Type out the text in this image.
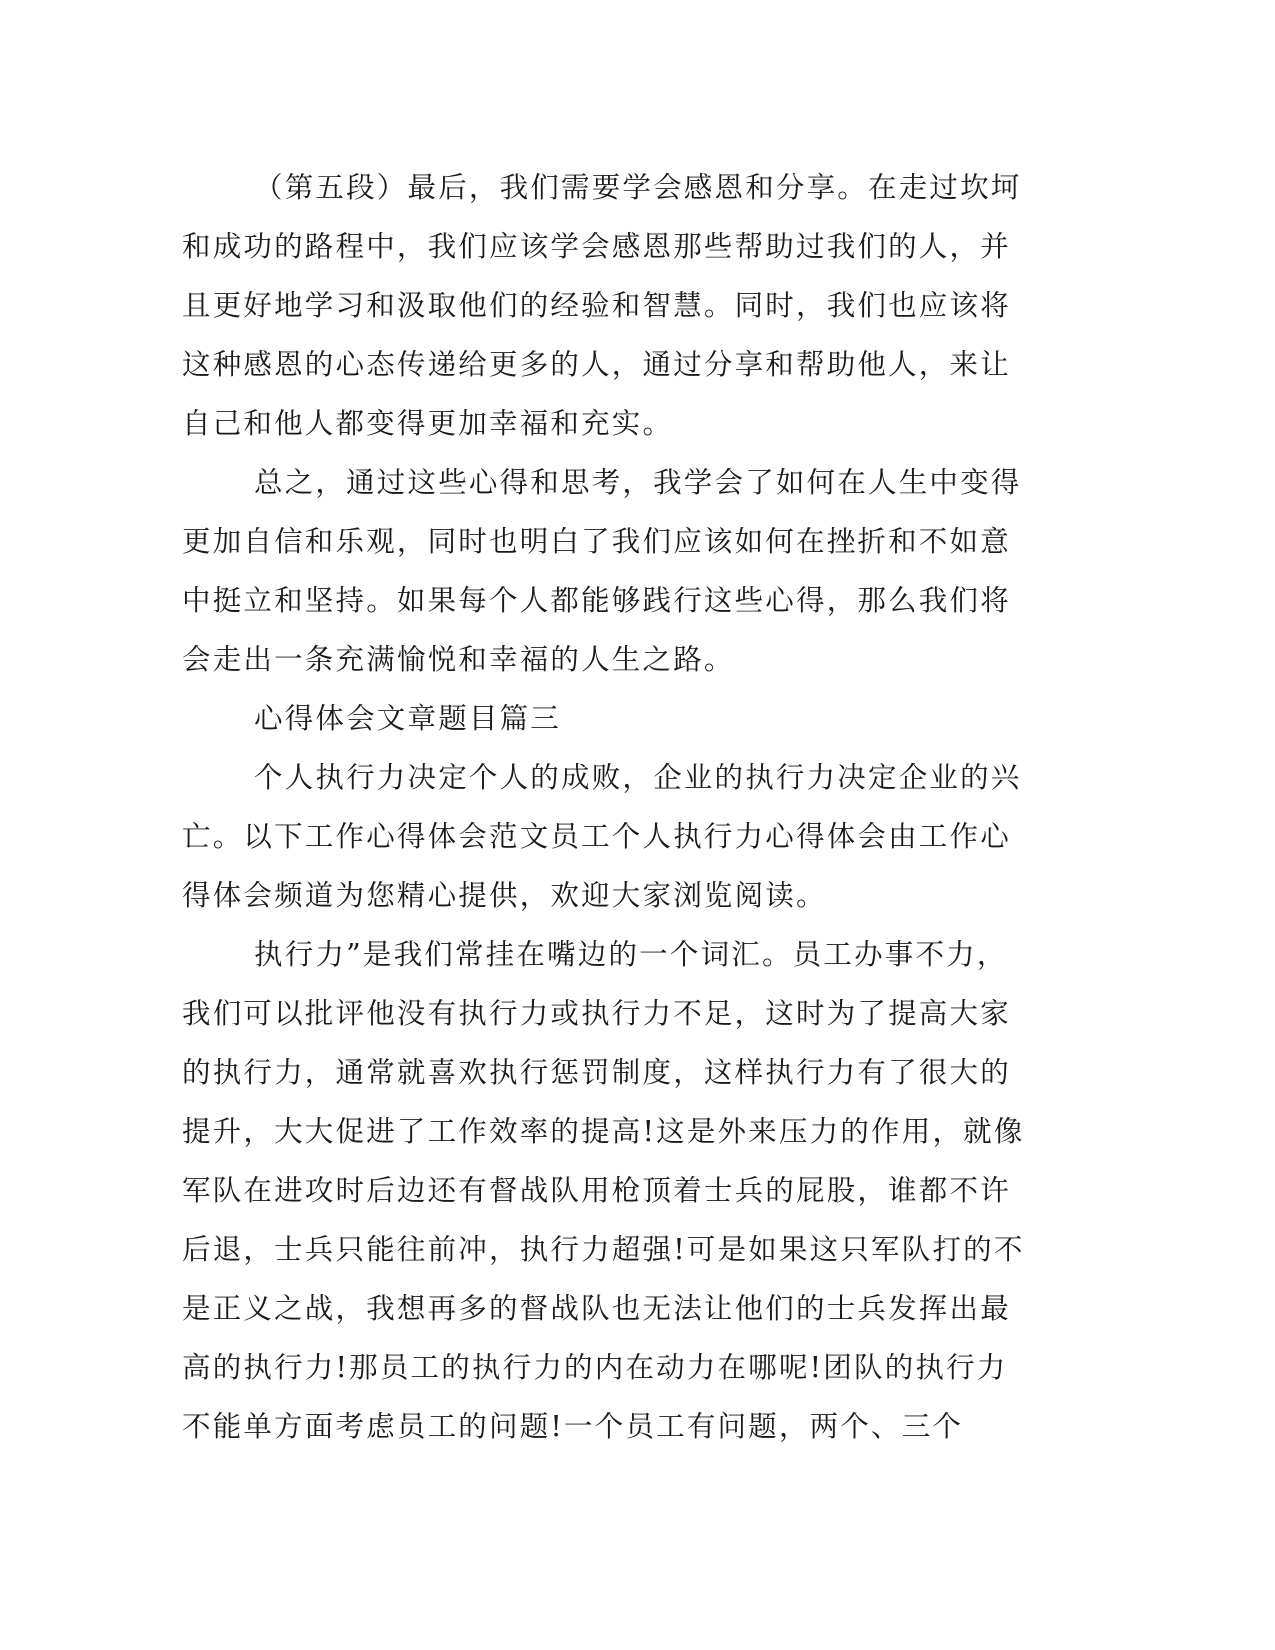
（第五段）最后，我们需要学会感恩和分享。在走过坎坷和成功的路程中，我们应该学会感恩那些帮助过我们的人，并且更好地学习和汲取他们的经验和智慧。同时，我们也应该将这种感恩的心态传递给更多的人，通过分享和帮助他人，来让自己和他人都变得更加幸福和充实。

总之，通过这些心得和思考，我学会了如何在人生中变得更加自信和乐观，同时也明白了我们应该如何在挫折和不如意中挺立和坚持。如果每个人都能够践行这些心得，那么我们将会走出一条充满愉悦和幸福的人生之路。

心得体会文章题目篇三

个人执行力决定个人的成败，企业的执行力决定企业的兴亡。以下工作心得体会范文员工个人执行力心得体会由工作心得体会频道为您精心提供，欢迎大家浏览阅读。

执行力”是我们常挂在嘴边的一个词汇。员工办事不力，我们可以批评他没有执行力或执行力不足，这时为了提高大家的执行力，通常就喜欢执行惩罚制度，这样执行力有了很大的提升，大大促进了工作效率的提高!这是外来压力的作用，就像军队在进攻时后边还有督战队用枪顶着士兵的屁股，谁都不许后退，士兵只能往前冲，执行力超强!可是如果这只军队打的不是正义之战，我想再多的督战队也无法让他们的士兵发挥出最高的执行力!那员工的执行力的内在动力在哪呢!团队的执行力不能单方面考虑员工的问题!一个员工有问题，两个、三个
